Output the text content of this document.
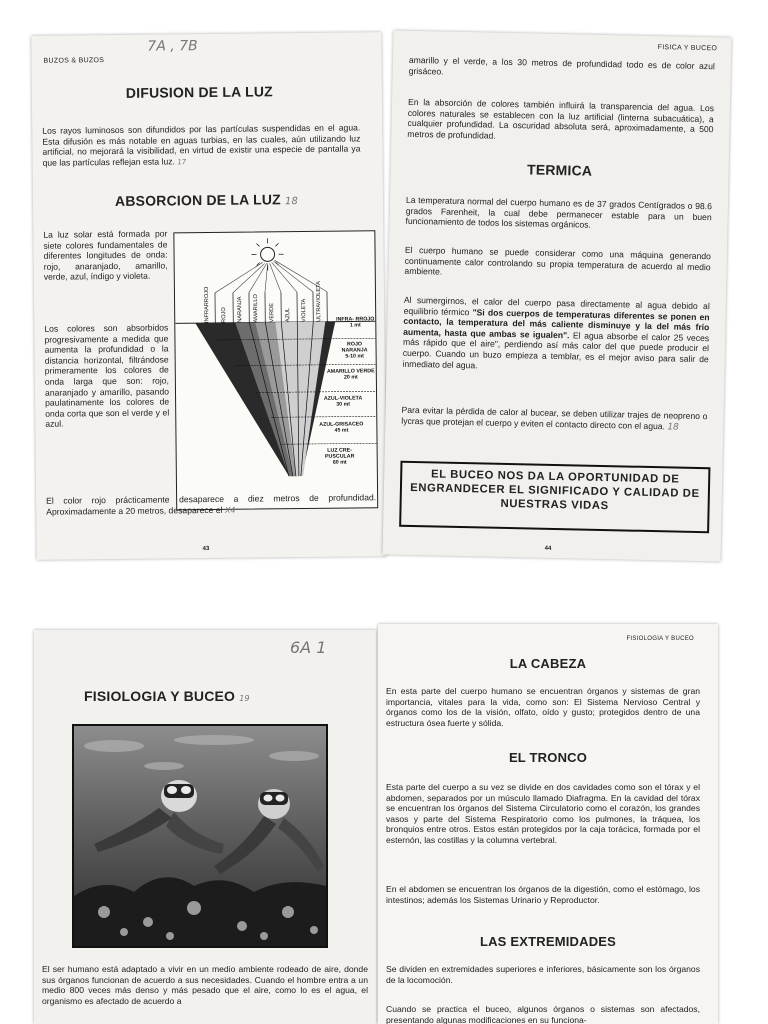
BUZOS & BUZOS
7A , 7B
DIFUSION DE LA LUZ
Los rayos luminosos son difundidos por las partículas suspendidas en el agua. Esta difusión es más notable en aguas turbias, en las cuales, aún utilizando luz artificial, no mejorará la visibilidad, en virtud de existir una especie de pantalla ya que las partículas reflejan esta luz. 17
ABSORCION DE LA LUZ 18
La luz solar está formada por siete colores fundamentales de diferentes longitudes de onda: rojo, anaranjado, amarillo, verde, azul, índigo y violeta.
Los colores son absorbidos progresivamente a medida que aumenta la profundidad o la distancia horizontal, filtrándose primeramente los colores de onda larga que son: rojo, anaranjado y amarillo, pasando paulatinamente los colores de onda corta que son el verde y el azul.
INFRARROJO ROJO NARANJA AMARILLO VERDE AZUL VIOLETA ULTRAVIOLETA	INFRA- RROJO
1 mt
ROJO NARANJA
5-10 mt
AMARILLO VERDE
20 mt
AZUL-VIOLETA
30 mt
AZUL-GRISACEO
45 mt
LUZ CRE- PUSCULAR
60 mt
El color rojo prácticamente desaparece a diez metros de profundidad. Aproximadamente a 20 metros, desaparece el X4
43
FISICA Y BUCEO
amarillo y el verde, a los 30 metros de profundidad todo es de color azul grisáceo.
En la absorción de colores también influirá la transparencia del agua. Los colores naturales se establecen con la luz artificial (linterna subacuática), a cualquier profundidad. La oscuridad absoluta será, aproximadamente, a 500 metros de profundidad.
TERMICA
La temperatura normal del cuerpo humano es de 37 grados Centígrados o 98.6 grados Farenheit, la cual debe permanecer estable para un buen funcionamiento de todos los sistemas orgánicos.
El cuerpo humano se puede considerar como una máquina generando continuamente calor controlando su propia temperatura de acuerdo al medio ambiente.
Al sumergirnos, el calor del cuerpo pasa directamente al agua debido al equilibrio térmico "Si dos cuerpos de temperaturas diferentes se ponen en contacto, la temperatura del más caliente disminuye y la del más frío aumenta, hasta que ambas se igualen". El agua absorbe el calor 25 veces más rápido que el aire", perdiendo así más calor del que puede producir el cuerpo. Cuando un buzo empieza a temblar, es el mejor aviso para salir de inmediato del agua.
Para evitar la pérdida de calor al bucear, se deben utilizar trajes de neopreno o lycras que protejan el cuerpo y eviten el contacto directo con el agua. 18
EL BUCEO NOS DA LA OPORTUNIDAD DE ENGRANDECER EL SIGNIFICADO Y CALIDAD DE NUESTRAS VIDAS
44
6A 1
FISIOLOGIA Y BUCEO 19
El ser humano está adaptado a vivir en un medio ambiente rodeado de aire, donde sus órganos funcionan de acuerdo a sus necesidades. Cuando el hombre entra a un medio 800 veces más denso y más pesado que el aire, como lo es el agua, el organismo es afectado de acuerdo a
FISIOLOGIA Y BUCEO
LA CABEZA
En esta parte del cuerpo humano se encuentran órganos y sistemas de gran importancia, vitales para la vida, como son: El Sistema Nervioso Central y órganos como los de la visión, olfato, oído y gusto; protegidos dentro de una estructura ósea fuerte y sólida.
EL TRONCO
Esta parte del cuerpo a su vez se divide en dos cavidades como son el tórax y el abdomen, separados por un músculo llamado Diafragma. En la cavidad del tórax se encuentran los órganos del Sistema Circulatorio como el corazón, los grandes vasos y parte del Sistema Respiratorio como los pulmones, la tráquea, los bronquios entre otros. Estos están protegidos por la caja torácica, formada por el esternón, las costillas y la columna vertebral.
En el abdomen se encuentran los órganos de la digestión, como el estómago, los intestinos; además los Sistemas Urinario y Reproductor.
LAS EXTREMIDADES
Se dividen en extremidades superiores e inferiores, básicamente son los órganos de la locomoción.
Cuando se practica el buceo, algunos órganos o sistemas son afectados, presentando algunas modificaciones en su funciona-
